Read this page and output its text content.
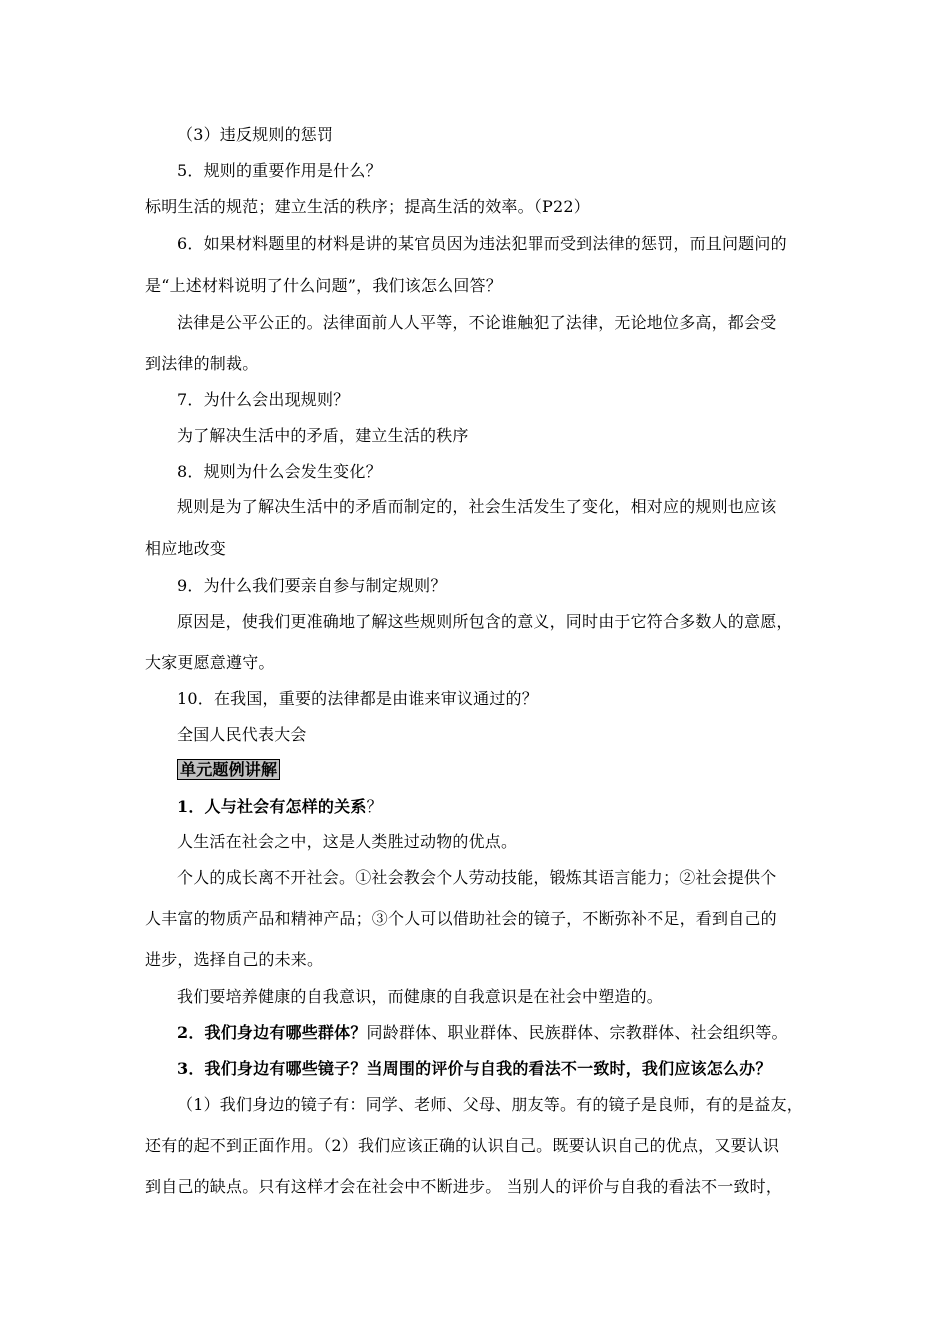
（3）违反规则的惩罚
5．规则的重要作用是什么？
标明生活的规范；建立生活的秩序；提高生活的效率。（P22）
6．如果材料题里的材料是讲的某官员因为违法犯罪而受到法律的惩罚，而且问题问的
是“上述材料说明了什么问题”，我们该怎么回答？
法律是公平公正的。法律面前人人平等，不论谁触犯了法律，无论地位多高，都会受
到法律的制裁。
7．为什么会出现规则？
为了解决生活中的矛盾，建立生活的秩序
8．规则为什么会发生变化？
规则是为了解决生活中的矛盾而制定的，社会生活发生了变化，相对应的规则也应该
相应地改变
9．为什么我们要亲自参与制定规则？
原因是，使我们更准确地了解这些规则所包含的意义，同时由于它符合多数人的意愿，
大家更愿意遵守。
10．在我国，重要的法律都是由谁来审议通过的？
全国人民代表大会
单元题例讲解
1．人与社会有怎样的关系？
人生活在社会之中，这是人类胜过动物的优点。
个人的成长离不开社会。①社会教会个人劳动技能，锻炼其语言能力；②社会提供个
人丰富的物质产品和精神产品；③个人可以借助社会的镜子，不断弥补不足，看到自己的
进步，选择自己的未来。
我们要培养健康的自我意识，而健康的自我意识是在社会中塑造的。
2．我们身边有哪些群体？同龄群体、职业群体、民族群体、宗教群体、社会组织等。
3．我们身边有哪些镜子？当周围的评价与自我的看法不一致时，我们应该怎么办？
（1）我们身边的镜子有：同学、老师、父母、朋友等。有的镜子是良师，有的是益友，
还有的起不到正面作用。（2）我们应该正确的认识自己。既要认识自己的优点，又要认识
到自己的缺点。只有这样才会在社会中不断进步。 当别人的评价与自我的看法不一致时，
